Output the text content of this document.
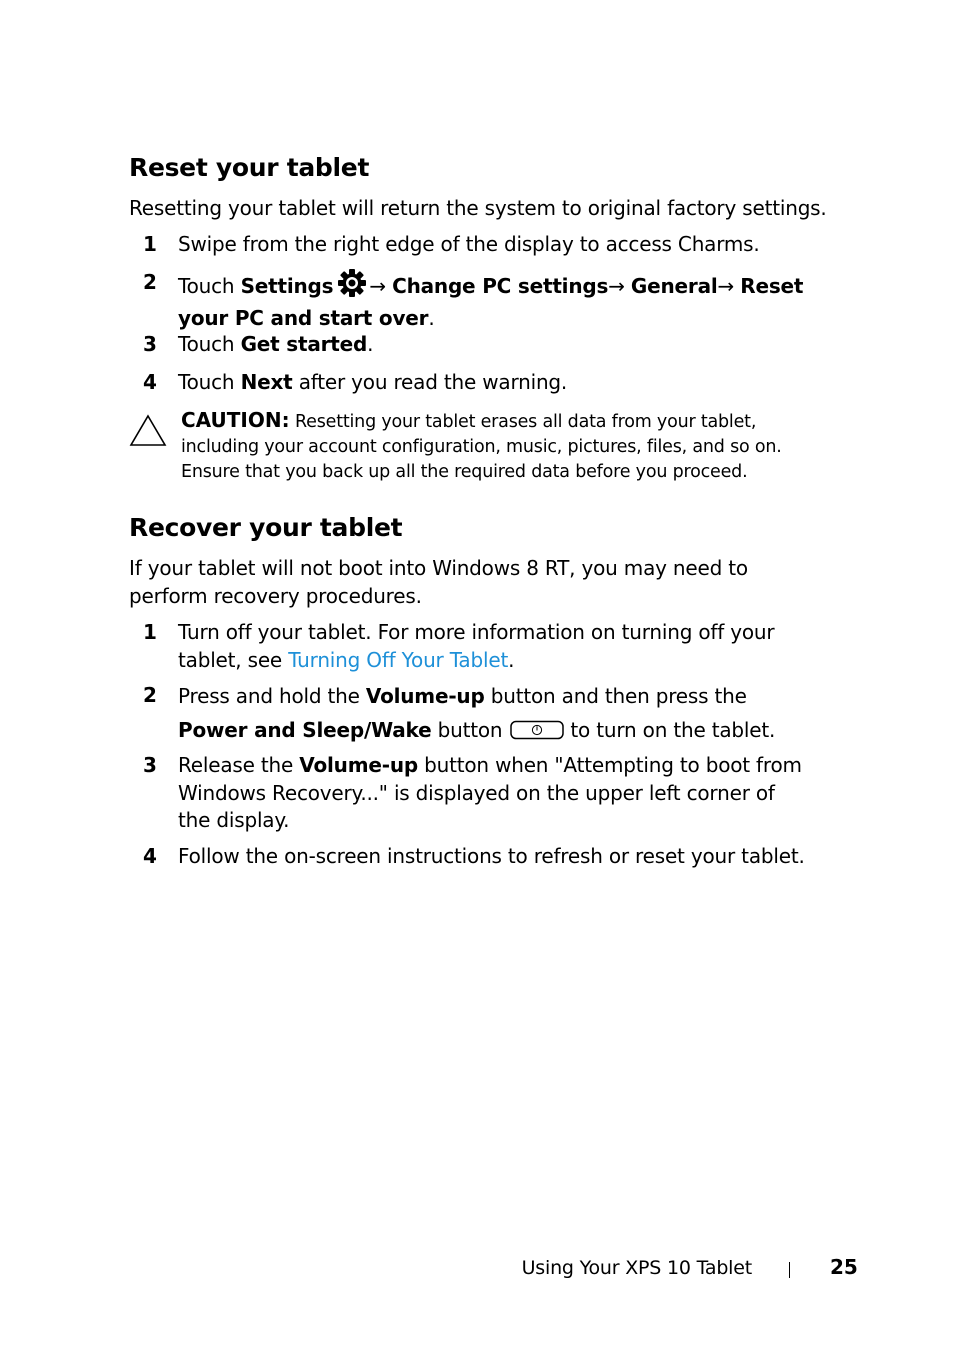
Reset your tablet

Resetting your tablet will return the system to original factory settings.

1 Swipe from the right edge of the display to access Charms.

2 Touch Settings → Change PC settings→ General→ Reset
your PC and start over.

3 Touch Get started.

4 Touch Next after you read the warning.

CAUTION: Resetting your tablet erases all data from your tablet,
including your account configuration, music, pictures, files, and so on.
Ensure that you back up all the required data before you proceed.

Recover your tablet

If your tablet will not boot into Windows 8 RT, you may need to
perform recovery procedures.

1 Turn off your tablet. For more information on turning off your
tablet, see Turning Off Your Tablet.

2 Press and hold the Volume-up button and then press the
Power and Sleep/Wake button	to turn on the tablet.

3 Release the Volume-up button when "Attempting to boot from
Windows Recovery..." is displayed on the upper left corner of
the display.

4 Follow the on-screen instructions to refresh or reset your tablet.

Using Your XPS 10 Tablet	25
